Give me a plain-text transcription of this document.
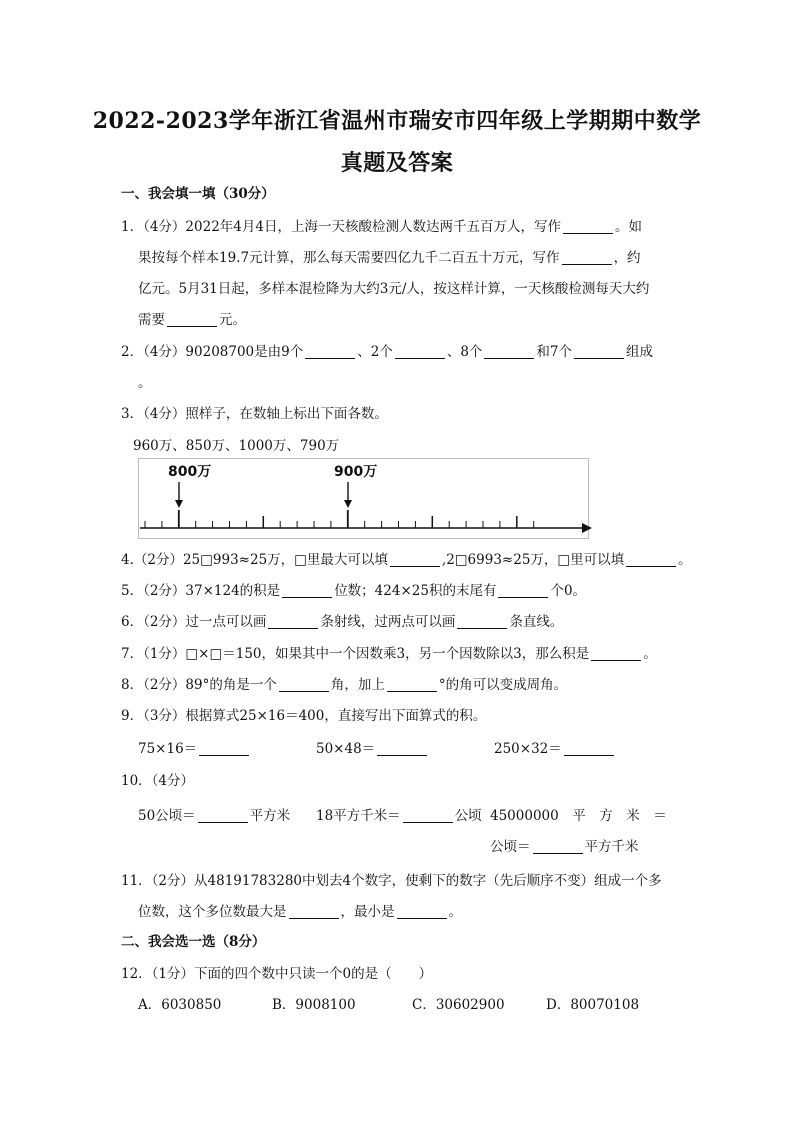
2022-2023学年浙江省温州市瑞安市四年级上学期期中数学
真题及答案
一、我会填一填（30分）
1．（4分）2022年4月4日，上海一天核酸检测人数达两千五百万人，写作	。如
果按每个样本19.7元计算，那么每天需要四亿九千二百五十万元，写作	，约
亿元。5月31日起，多样本混检降为大约3元/人，按这样计算，一天核酸检测每天大约
需要	元。
2．（4分）90208700是由9个	、2个	、8个	和7个	组成
。
3．（4分）照样子，在数轴上标出下面各数。
960万、850万、1000万、790万
800万	900万
4.（2分）25□993≈25万，□里最大可以填	,2□6993≈25万，□里可以填	。
5．（2分）37×124的积是	位数；424×25积的末尾有	个0。
6．（2分）过一点可以画	条射线，过两点可以画	条直线。
7．（1分）□×□＝150，如果其中一个因数乘3，另一个因数除以3，那么积是	。
8．（2分）89°的角是一个	角，加上	°的角可以变成周角。
9．（3分）根据算式25×16＝400，直接写出下面算式的积。
75×16＝	50×48＝	250×32＝
10．（4分）
50公顷＝	平方米 18平方千米＝	公顷 45000000　平　方　米　＝
公顷＝	平方千米
11．（2分）从48191783280中划去4个数字，使剩下的数字（先后顺序不变）组成一个多
位数，这个多位数最大是	，最小是	。
二、我会选一选（8分）
12．（1分）下面的四个数中只读一个0的是（　　）
A．6030850	B．9008100	C．30602900	D．80070108
